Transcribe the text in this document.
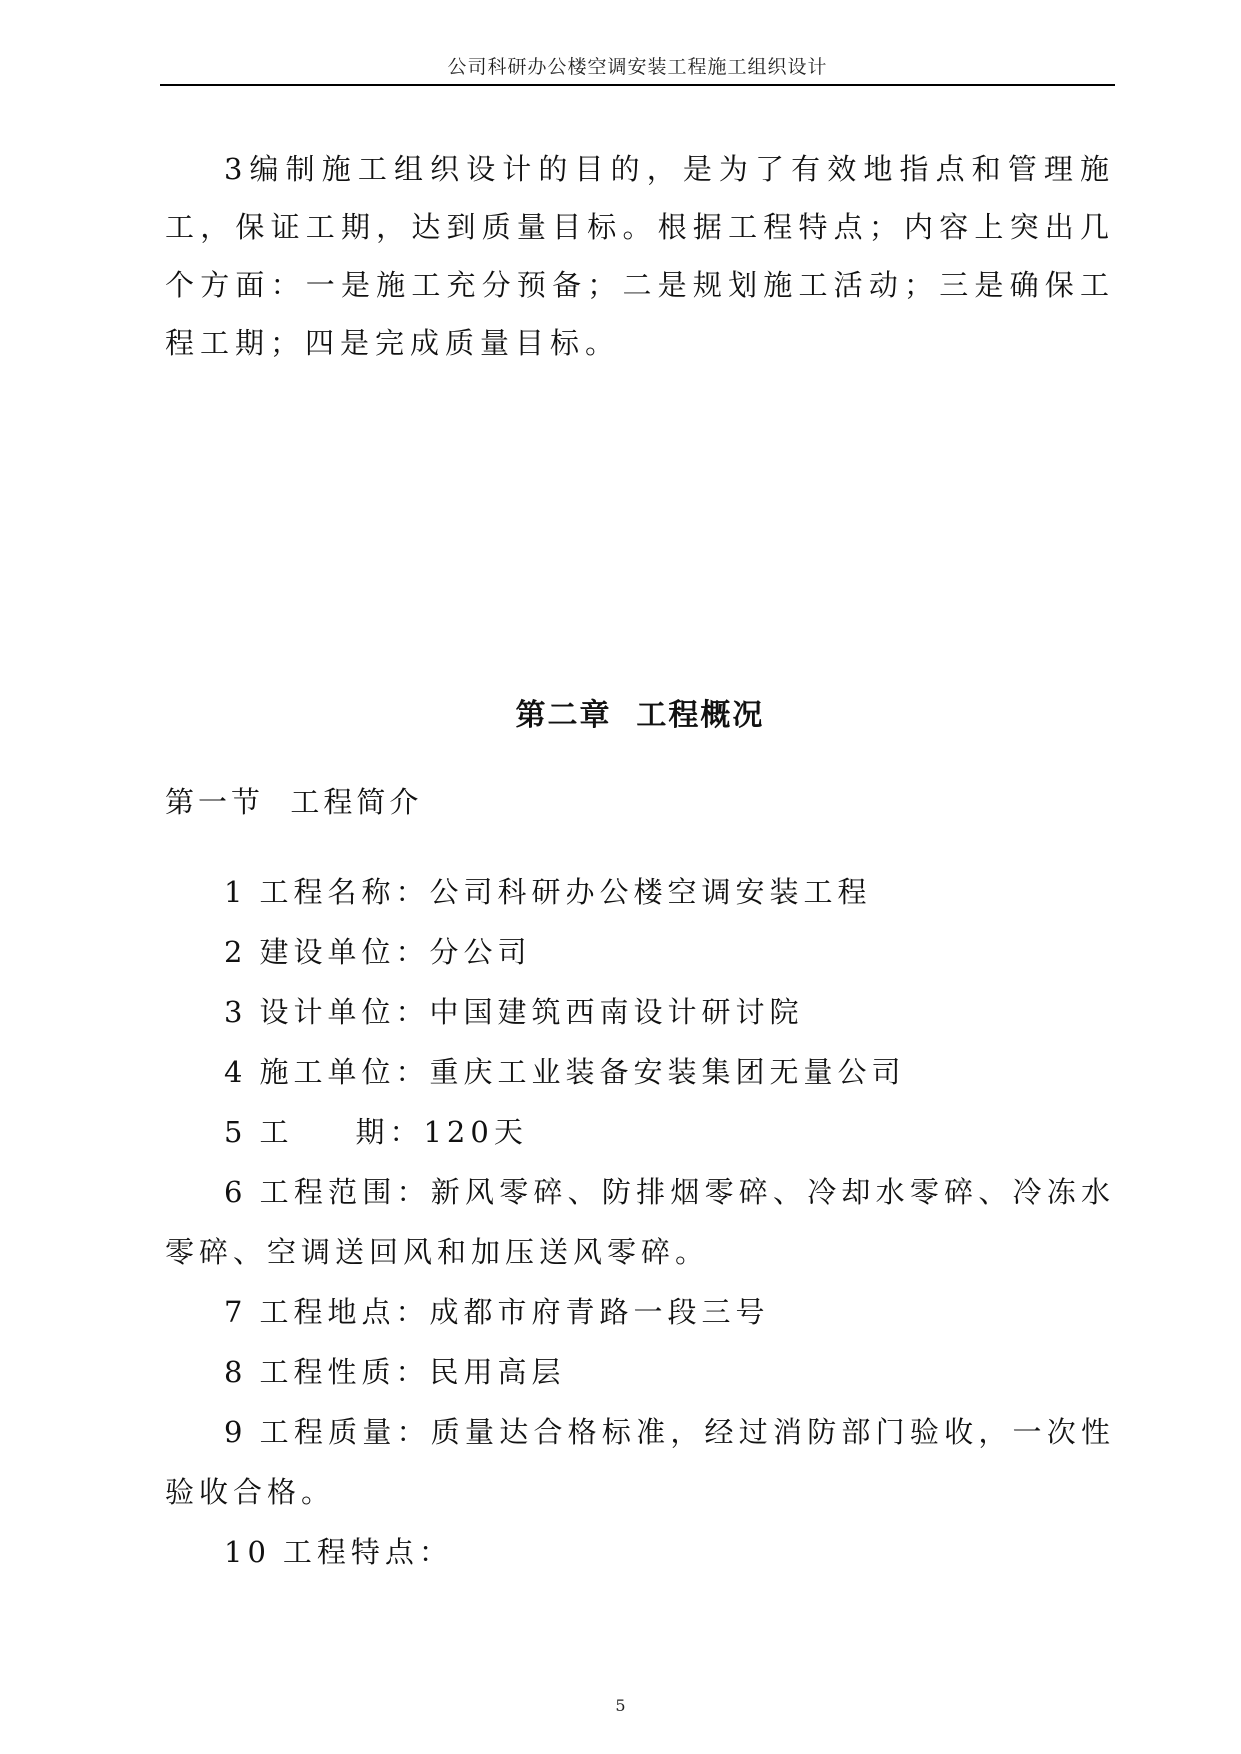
公司科研办公楼空调安装工程施工组织设计

3编制施工组织设计的目的，是为了有效地指点和管理施工，保证工期，达到质量目标。根据工程特点；内容上突出几个方面：一是施工充分预备；二是规划施工活动；三是确保工程工期；四是完成质量目标。

第二章  工程概况
第一节  工程简介
1 工程名称：公司科研办公楼空调安装工程
2 建设单位：分公司
3 设计单位：中国建筑西南设计研讨院
4 施工单位：重庆工业装备安装集团无量公司
5 工 期：120天
6 工程范围：新风零碎、防排烟零碎、冷却水零碎、冷冻水零碎、空调送回风和加压送风零碎。
7 工程地点：成都市府青路一段三号
8 工程性质：民用高层
9 工程质量：质量达合格标准，经过消防部门验收，一次性验收合格。
10 工程特点：
5
